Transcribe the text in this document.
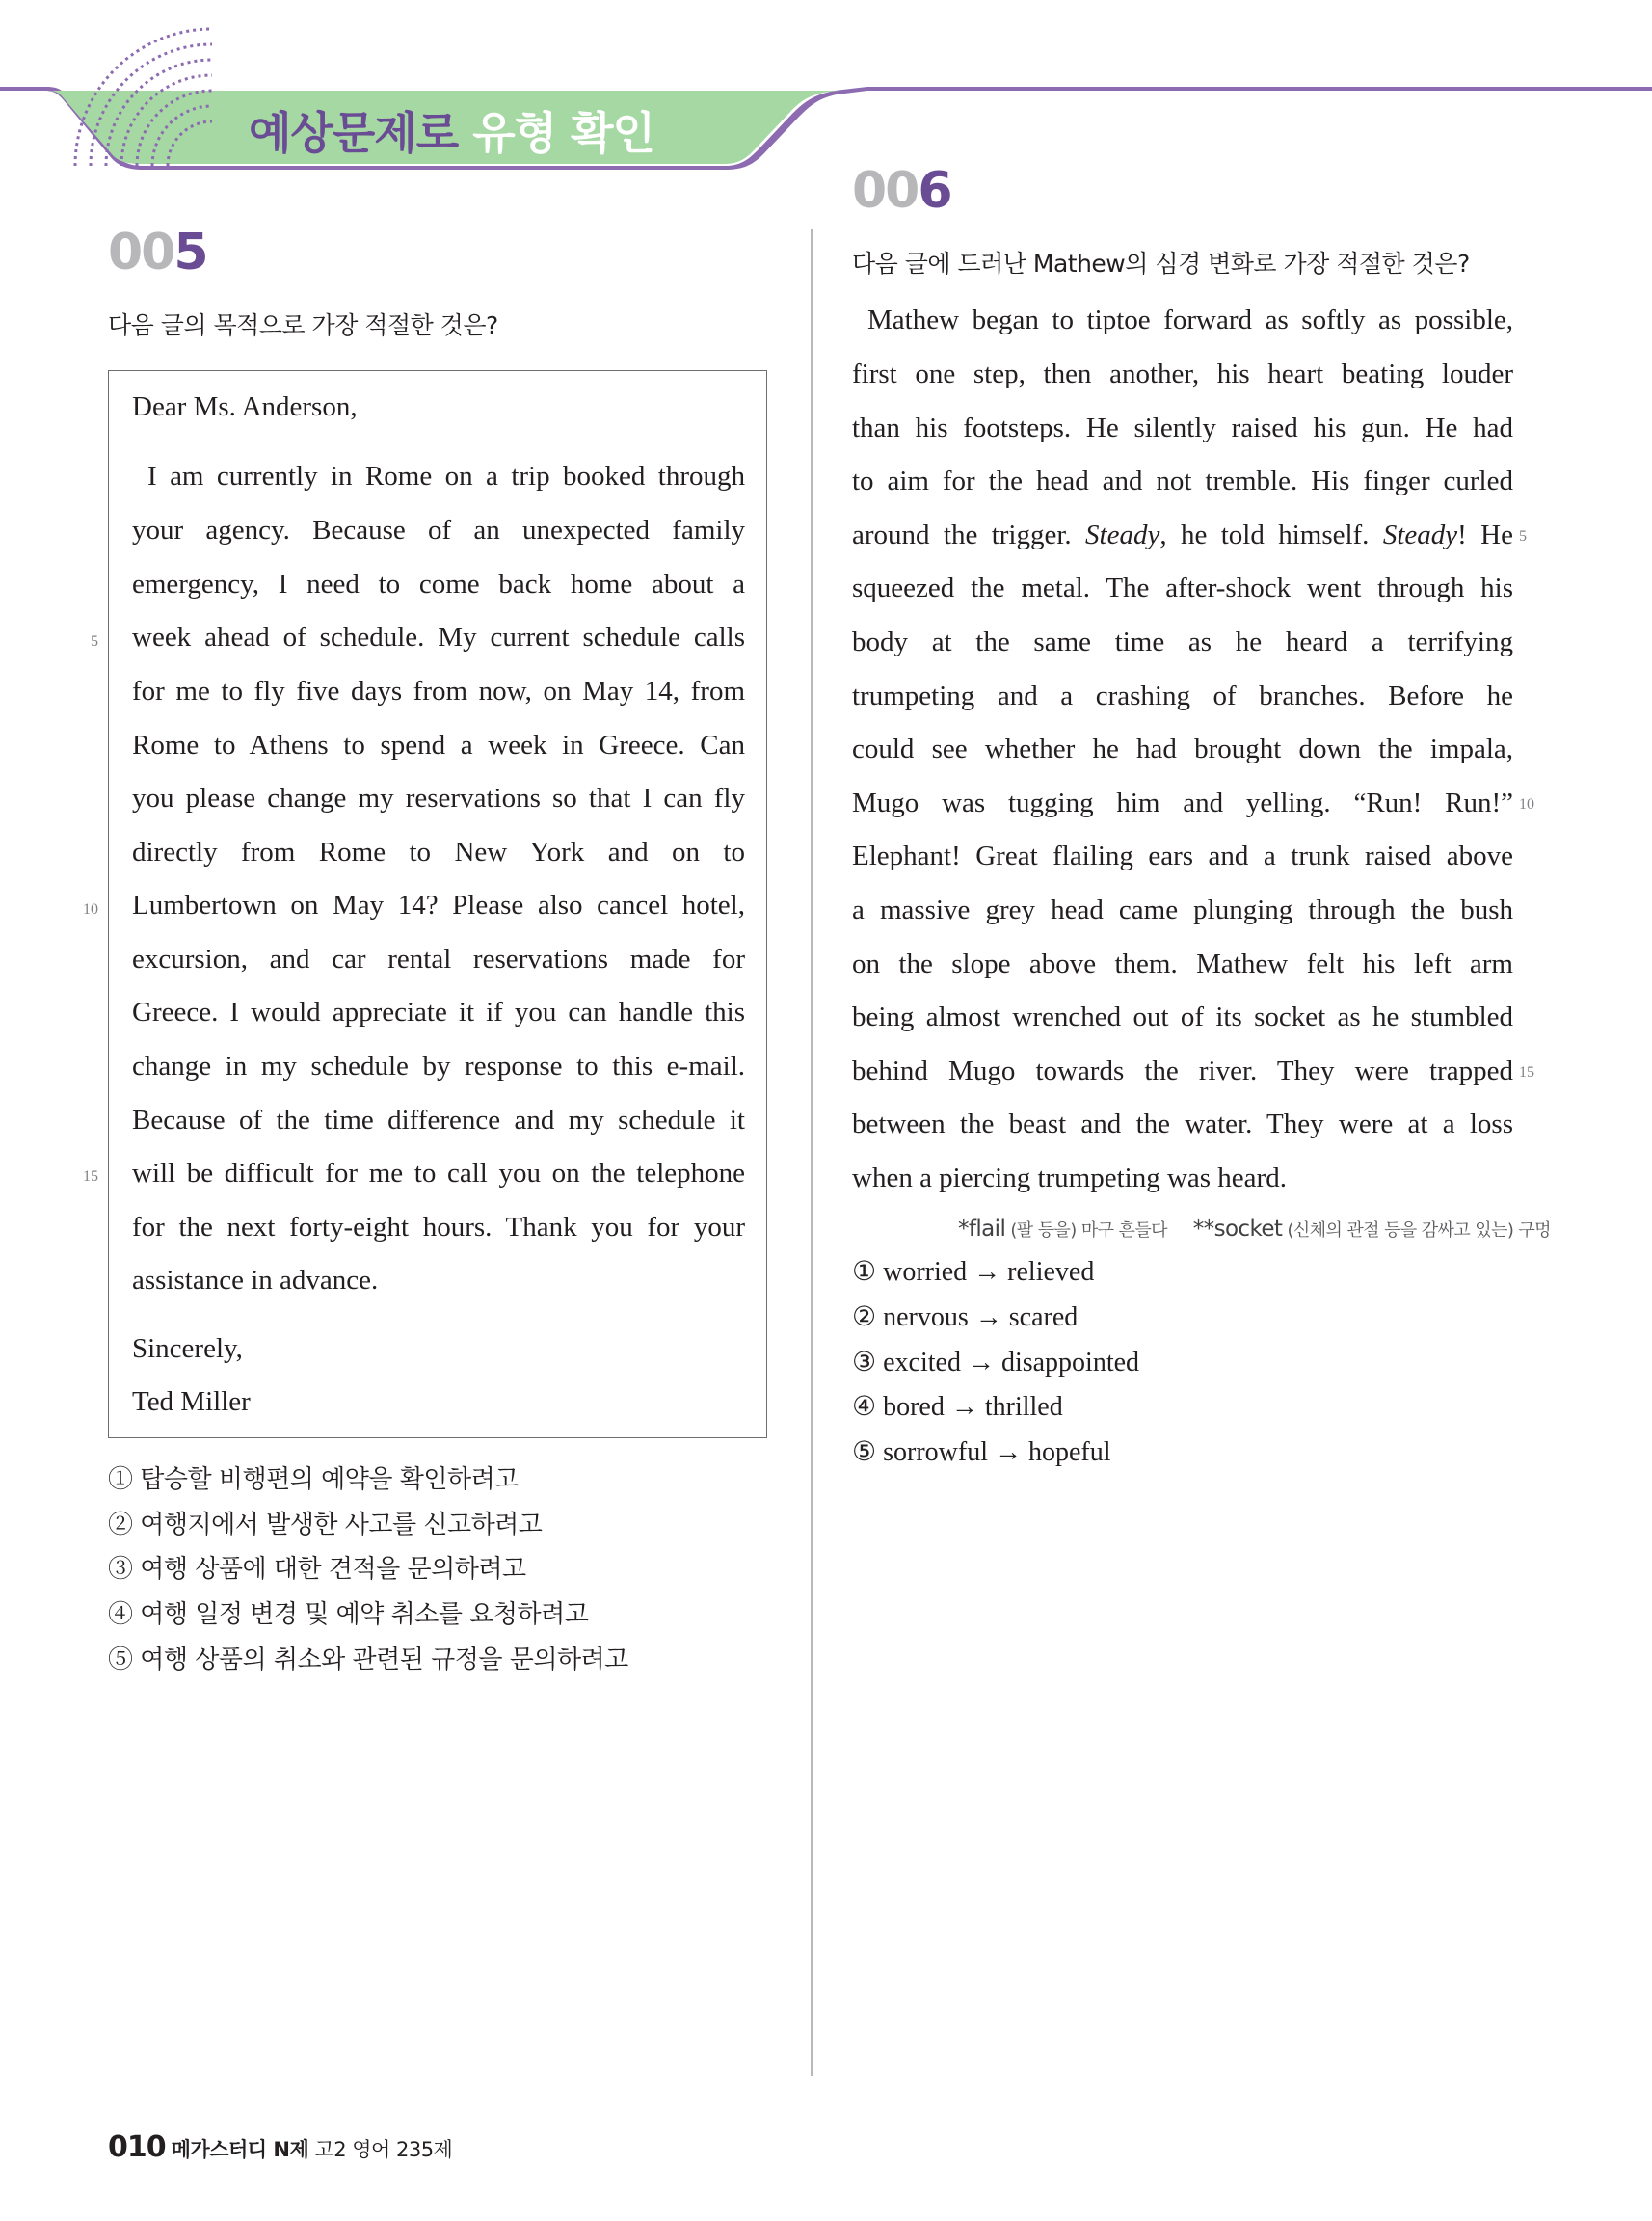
예상문제로 유형 확인
005
다음 글의 목적으로 가장 적절한 것은?
Dear Ms. Anderson,
I am currently in Rome on a trip booked through
your agency. Because of an unexpected family
emergency, I need to come back home about a
week ahead of schedule. My current schedule calls
for me to fly five days from now, on May 14, from
Rome to Athens to spend a week in Greece. Can
you please change my reservations so that I can fly
directly from Rome to New York and on to
Lumbertown on May 14? Please also cancel hotel,
excursion, and car rental reservations made for
Greece. I would appreciate it if you can handle this
change in my schedule by response to this e-mail.
Because of the time difference and my schedule it
will be difficult for me to call you on the telephone
for the next forty-eight hours. Thank you for your
assistance in advance.
Sincerely,
Ted Miller
5
10
15
① 탑승할 비행편의 예약을 확인하려고
② 여행지에서 발생한 사고를 신고하려고
③ 여행 상품에 대한 견적을 문의하려고
④ 여행 일정 변경 및 예약 취소를 요청하려고
⑤ 여행 상품의 취소와 관련된 규정을 문의하려고
006
다음 글에 드러난 Mathew의 심경 변화로 가장 적절한 것은?
Mathew began to tiptoe forward as softly as possible,
first one step, then another, his heart beating louder
than his footsteps. He silently raised his gun. He had
to aim for the head and not tremble. His finger curled
around the trigger. Steady, he told himself. Steady! He
squeezed the metal. The after-shock went through his
body at the same time as he heard a terrifying
trumpeting and a crashing of branches. Before he
could see whether he had brought down the impala,
Mugo was tugging him and yelling. “Run! Run!”
Elephant! Great flailing ears and a trunk raised above
a massive grey head came plunging through the bush
on the slope above them. Mathew felt his left arm
being almost wrenched out of its socket as he stumbled
behind Mugo towards the river. They were trapped
between the beast and the water. They were at a loss
when a piercing trumpeting was heard.
5
10
15
*flail (팔 등을) 마구 흔들다 **socket (신체의 관절 등을 감싸고 있는) 구멍
① worried → relieved
② nervous → scared
③ excited → disappointed
④ bored → thrilled
⑤ sorrowful → hopeful
010 메가스터디 N제 고2 영어 235제
